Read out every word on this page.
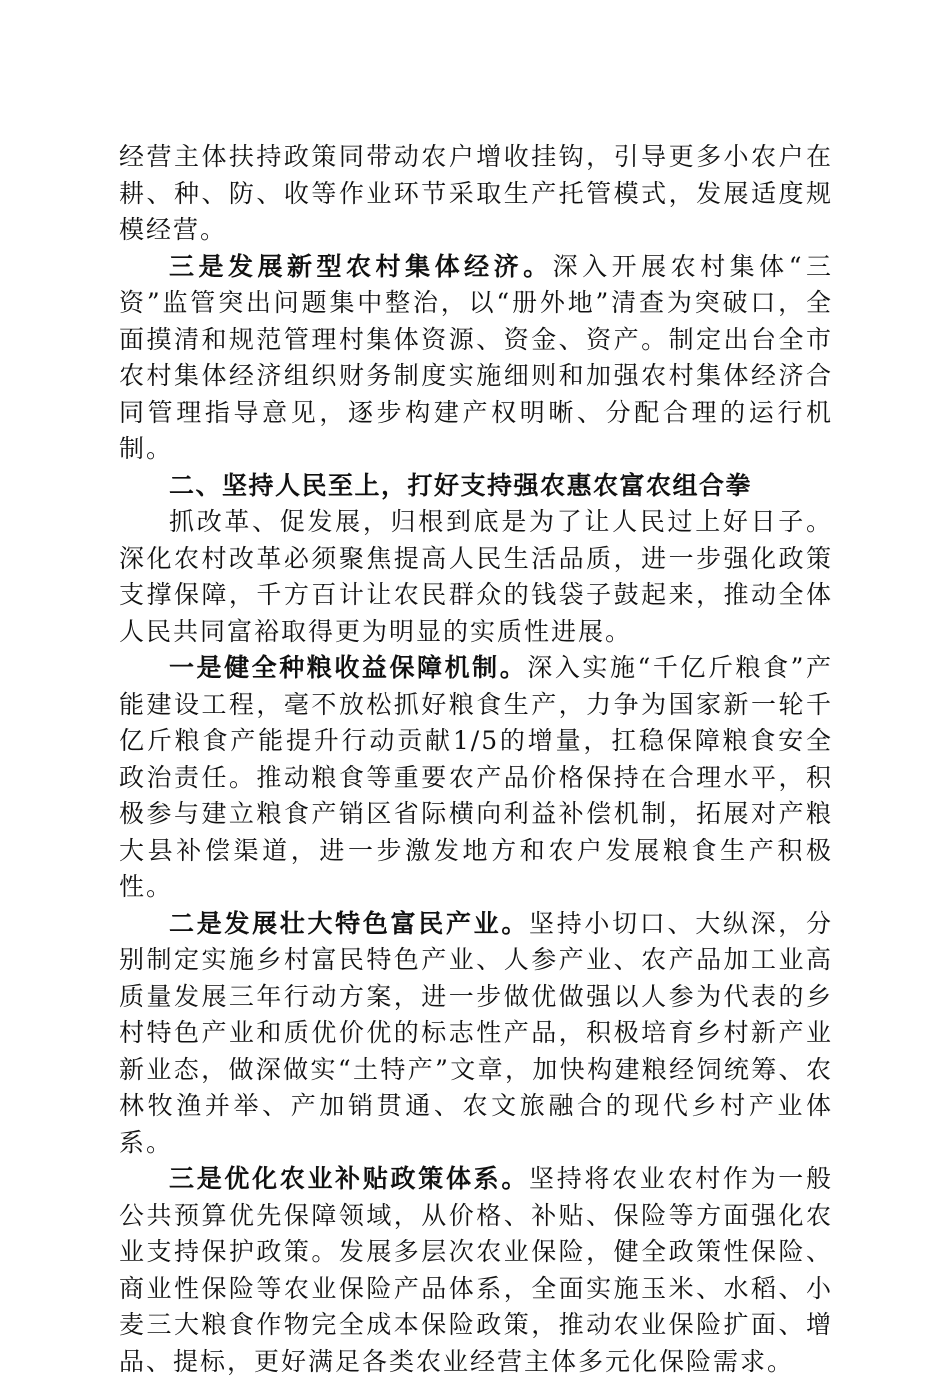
经营主体扶持政策同带动农户增收挂钩，引导更多小农户在耕、种、防、收等作业环节采取生产托管模式，发展适度规模经营。

三是发展新型农村集体经济。深入开展农村集体“三资”监管突出问题集中整治，以“册外地”清查为突破口，全面摸清和规范管理村集体资源、资金、资产。制定出台全市农村集体经济组织财务制度实施细则和加强农村集体经济合同管理指导意见，逐步构建产权明晰、分配合理的运行机制。

二、坚持人民至上，打好支持强农惠农富农组合拳

抓改革、促发展，归根到底是为了让人民过上好日子。深化农村改革必须聚焦提高人民生活品质，进一步强化政策支撑保障，千方百计让农民群众的钱袋子鼓起来，推动全体人民共同富裕取得更为明显的实质性进展。

一是健全种粮收益保障机制。深入实施“千亿斤粮食”产能建设工程，毫不放松抓好粮食生产，力争为国家新一轮千亿斤粮食产能提升行动贡献1/5的增量，扛稳保障粮食安全政治责任。推动粮食等重要农产品价格保持在合理水平，积极参与建立粮食产销区省际横向利益补偿机制，拓展对产粮大县补偿渠道，进一步激发地方和农户发展粮食生产积极性。

二是发展壮大特色富民产业。坚持小切口、大纵深，分别制定实施乡村富民特色产业、人参产业、农产品加工业高质量发展三年行动方案，进一步做优做强以人参为代表的乡村特色产业和质优价优的标志性产品，积极培育乡村新产业新业态，做深做实“土特产”文章，加快构建粮经饲统筹、农林牧渔并举、产加销贯通、农文旅融合的现代乡村产业体系。

三是优化农业补贴政策体系。坚持将农业农村作为一般公共预算优先保障领域，从价格、补贴、保险等方面强化农业支持保护政策。发展多层次农业保险，健全政策性保险、商业性保险等农业保险产品体系，全面实施玉米、水稻、小麦三大粮食作物完全成本保险政策，推动农业保险扩面、增品、提标，更好满足各类农业经营主体多元化保险需求。
